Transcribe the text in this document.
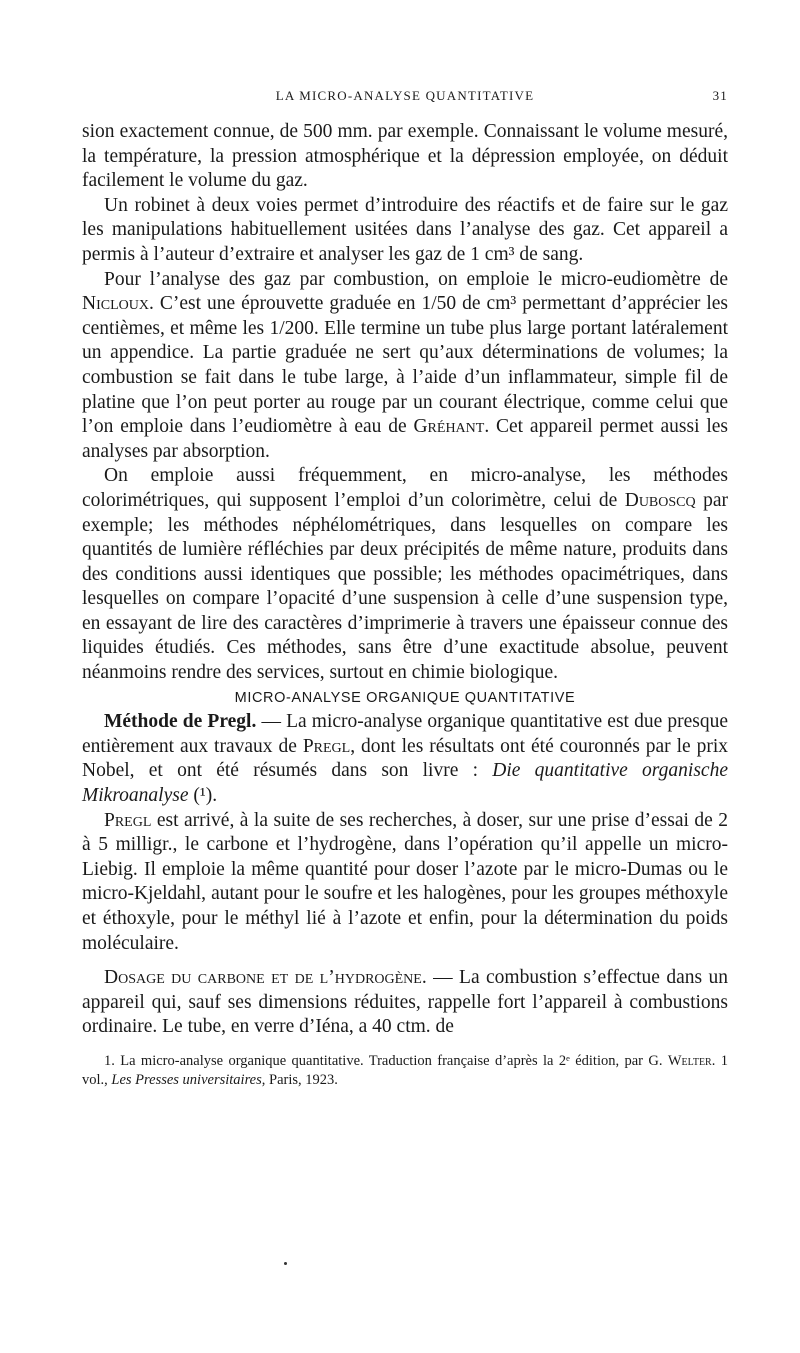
LA MICRO-ANALYSE QUANTITATIVE	31

sion exactement connue, de 500 mm. par exemple. Connaissant le volume mesuré, la température, la pression atmosphérique et la dépression employée, on déduit facilement le volume du gaz.

Un robinet à deux voies permet d’introduire des réactifs et de faire sur le gaz les manipulations habituellement usitées dans l’analyse des gaz. Cet appareil a permis à l’auteur d’extraire et analyser les gaz de 1 cm³ de sang.

Pour l’analyse des gaz par combustion, on emploie le micro-eudiomètre de Nicloux. C’est une éprouvette graduée en 1/50 de cm³ permettant d’apprécier les centièmes, et même les 1/200. Elle termine un tube plus large portant latéralement un appendice. La partie graduée ne sert qu’aux déterminations de volumes; la combustion se fait dans le tube large, à l’aide d’un inflammateur, simple fil de platine que l’on peut porter au rouge par un courant électrique, comme celui que l’on emploie dans l’eudiomètre à eau de Gréhant. Cet appareil permet aussi les analyses par absorption.

On emploie aussi fréquemment, en micro-analyse, les méthodes colorimétriques, qui supposent l’emploi d’un colorimètre, celui de Duboscq par exemple; les méthodes néphélométriques, dans lesquelles on compare les quantités de lumière réfléchies par deux précipités de même nature, produits dans des conditions aussi identiques que possible; les méthodes opacimétriques, dans lesquelles on compare l’opacité d’une suspension à celle d’une suspension type, en essayant de lire des caractères d’imprimerie à travers une épaisseur connue des liquides étudiés. Ces méthodes, sans être d’une exactitude absolue, peuvent néanmoins rendre des services, surtout en chimie biologique.

MICRO-ANALYSE ORGANIQUE QUANTITATIVE

Méthode de Pregl. — La micro-analyse organique quantitative est due presque entièrement aux travaux de Pregl, dont les résultats ont été couronnés par le prix Nobel, et ont été résumés dans son livre : Die quantitative organische Mikroanalyse (¹).

Pregl est arrivé, à la suite de ses recherches, à doser, sur une prise d’essai de 2 à 5 milligr., le carbone et l’hydrogène, dans l’opération qu’il appelle un micro-Liebig. Il emploie la même quantité pour doser l’azote par le micro-Dumas ou le micro-Kjeldahl, autant pour le soufre et les halogènes, pour les groupes méthoxyle et éthoxyle, pour le méthyl lié à l’azote et enfin, pour la détermination du poids moléculaire.

Dosage du carbone et de l’hydrogène. — La combustion s’effectue dans un appareil qui, sauf ses dimensions réduites, rappelle fort l’appareil à combustions ordinaire. Le tube, en verre d’Iéna, a 40 ctm. de

1. La micro-analyse organique quantitative. Traduction française d’après la 2ᵉ édition, par G. Welter. 1 vol., Les Presses universitaires, Paris, 1923.
